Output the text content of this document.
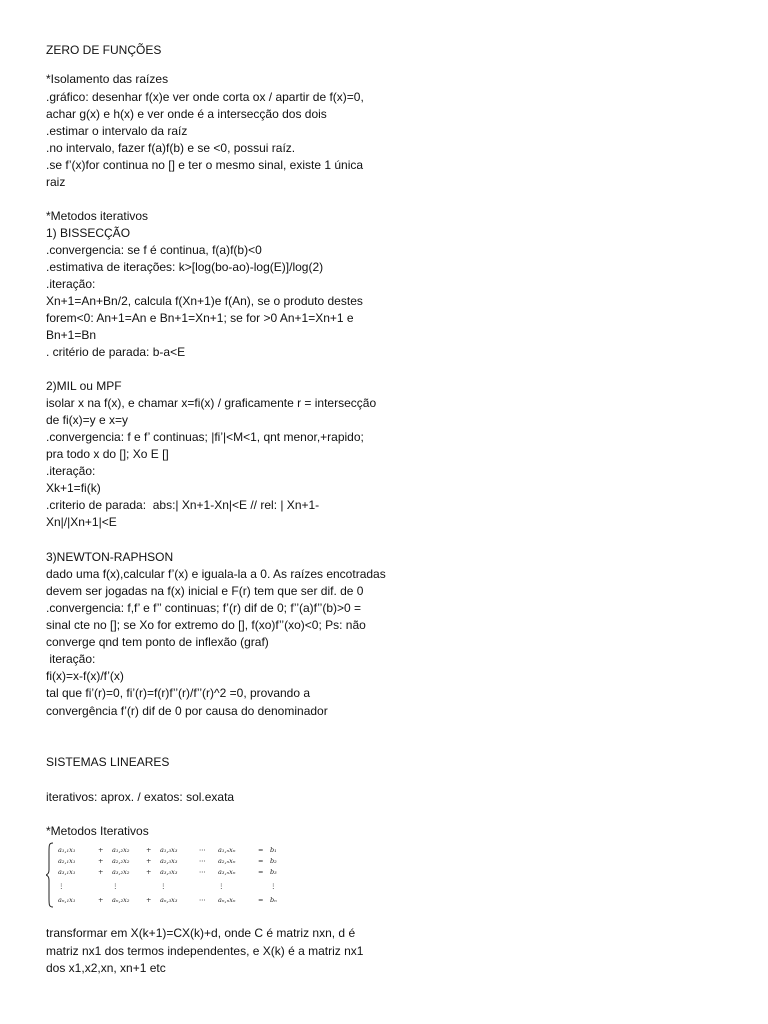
ZERO DE FUNÇÕES
*Isolamento das raízes
.gráfico: desenhar f(x)e ver onde corta ox / apartir de f(x)=0,
achar g(x) e h(x) e ver onde é a intersecção dos dois
.estimar o intervalo da raíz
.no intervalo, fazer f(a)f(b) e se <0, possui raíz.
.se f’(x)for continua no [] e ter o mesmo sinal, existe 1 única
raiz
*Metodos iterativos
1) BISSECÇÃO
.convergencia: se f é continua, f(a)f(b)<0
.estimativa de iterações: k>[log(bo-ao)-log(E)]/log(2)
.iteração:
Xn+1=An+Bn/2, calcula f(Xn+1)e f(An), se o produto destes
forem<0: An+1=An e Bn+1=Xn+1; se for >0 An+1=Xn+1 e
Bn+1=Bn
. critério de parada: b-a<E
2)MIL ou MPF
isolar x na f(x), e chamar x=fi(x) / graficamente r = intersecção
de fi(x)=y e x=y
.convergencia: f e f’ continuas; |fi’|<M<1, qnt menor,+rapido;
pra todo x do []; Xo E []
.iteração:
Xk+1=fi(k)
.criterio de parada:  abs:| Xn+1-Xn|<E // rel: | Xn+1-
Xn|/|Xn+1|<E
3)NEWTON-RAPHSON
dado uma f(x),calcular f’(x) e iguala-la a 0. As raízes encotradas
devem ser jogadas na f(x) inicial e F(r) tem que ser dif. de 0
.convergencia: f,f’ e f’’ continuas; f’(r) dif de 0; f’’(a)f’’(b)>0 =
sinal cte no []; se Xo for extremo do [], f(xo)f’’(xo)<0; Ps: não
converge qnd tem ponto de inflexão (graf)
iteração:
fi(x)=x-f(x)/f’(x)
tal que fi’(r)=0, fi’(r)=f(r)f’’(r)/f’’(r)^2 =0, provando a
convergência f’(r) dif de 0 por causa do denominador
SISTEMAS LINEARES
iterativos: aprox. / exatos: sol.exata
*Metodos Iterativos
a₁,₁x₁	+ a₁,₂x₂	+ a₁,₃x₃	⋯ a₁,ₙxₙ	= b₁
a₂,₁x₁	+ a₂,₂x₂	+ a₂,₃x₃	⋯ a₂,ₙxₙ	= b₂
a₃,₁x₁	+ a₃,₂x₂	+ a₃,₃x₃	⋯ a₃,ₙxₙ	= b₃
⋮	⋮	⋮	⋮	⋮
aₙ,₁x₁	+ aₙ,₂x₂	+ aₙ,₃x₃	⋯ aₙ,ₙxₙ	= bₙ
transformar em X(k+1)=CX(k)+d, onde C é matriz nxn, d é
matriz nx1 dos termos independentes, e X(k) é a matriz nx1
dos x1,x2,xn, xn+1 etc
